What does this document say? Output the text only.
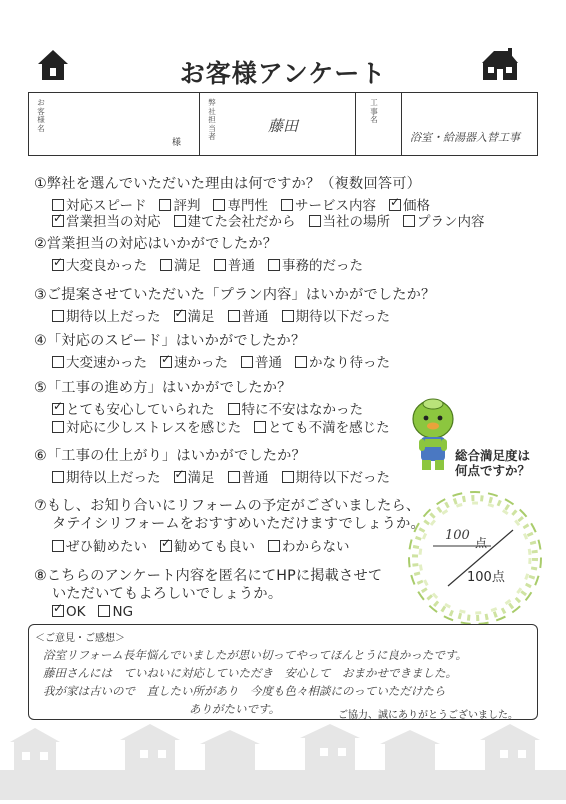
お客様アンケート
お客様名
様
弊社担当者
藤田
工事名
浴室・給湯器入替工事
①弊社を選んでいただいた理由は何ですか？（複数回答可）
対応スピード 評判 専門性 サービス内容 ✓ 価格
✓営業担当の対応 建てた会社だから 当社の場所 プラン内容
②営業担当の対応はいかがでしたか？
✓大変良かった 満足 普通 事務的だった
③ご提案させていただいた「プラン内容」はいかがでしたか？
期待以上だった ✓ 満足 普通 期待以下だった
④「対応のスピード」はいかがでしたか？
大変速かった ✓ 速かった 普通 かなり待った
⑤「工事の進め方」はいかがでしたか？
✓とても安心していられた 特に不安はなかった
対応に少しストレスを感じた とても不満を感じた
⑥「工事の仕上がり」はいかがでしたか？
期待以上だった ✓ 満足 普通 期待以下だった
⑦もし、お知り合いにリフォームの予定がございましたら、
タテイシリフォームをおすすめいただけますでしょうか。
ぜひ勧めたい ✓ 勧めても良い わからない
⑧こちらのアンケート内容を匿名にてHPに掲載させて
いただいてもよろしいでしょうか。
✓OK NG
総合満足度は
何点ですか？
100 点
100点
＜ご意見・ご感想＞
浴室リフォーム長年悩んでいましたが思い切ってやってほんとうに良かったです。
藤田さんには　ていねいに対応していただき　安心して　おまかせできました。
我が家は古いので　直したい所があり　今度も色々相談にのっていただけたら
ありがたいです。	ご協力、誠にありがとうございました。
